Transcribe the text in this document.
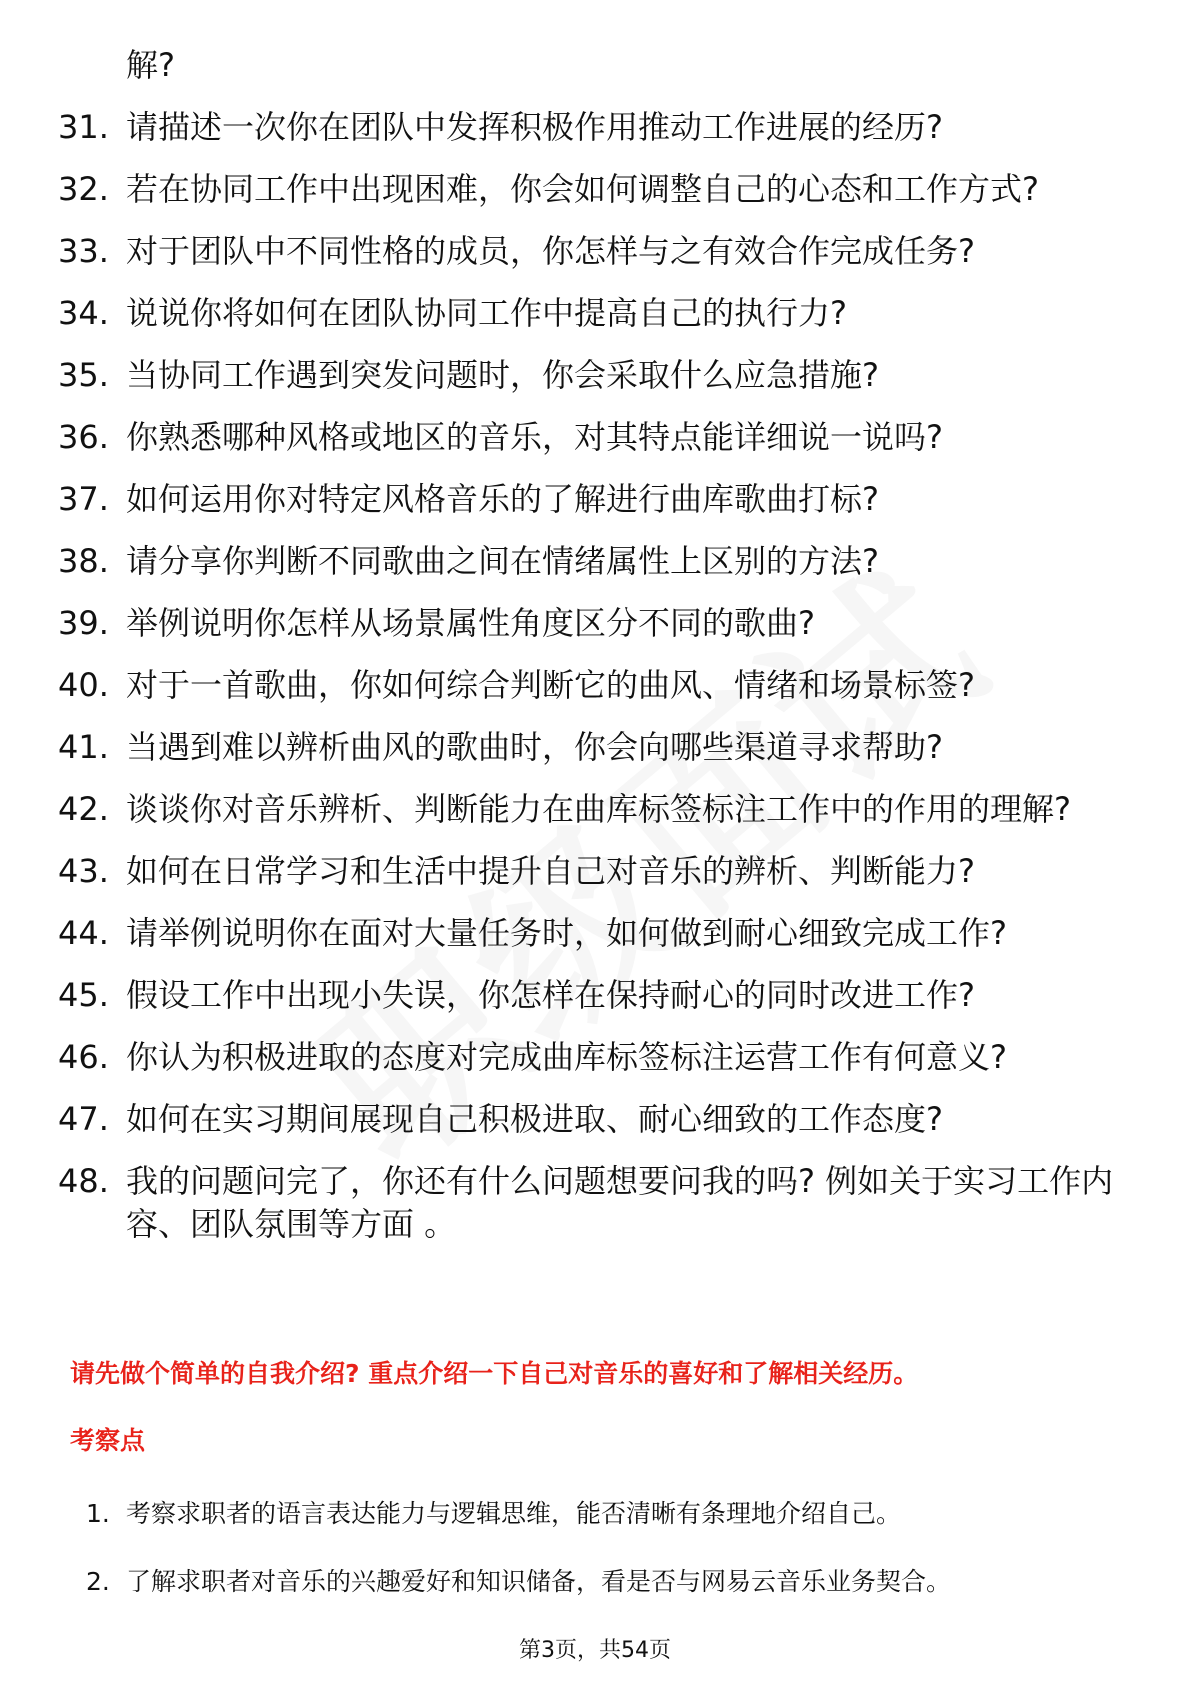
解?
31. 请描述一次你在团队中发挥积极作用推动工作进展的经历?
32. 若在协同工作中出现困难，你会如何调整自己的心态和工作方式?
33. 对于团队中不同性格的成员，你怎样与之有效合作完成任务?
34. 说说你将如何在团队协同工作中提高自己的执行力?
35. 当协同工作遇到突发问题时，你会采取什么应急措施?
36. 你熟悉哪种风格或地区的音乐，对其特点能详细说一说吗?
37. 如何运用你对特定风格音乐的了解进行曲库歌曲打标?
38. 请分享你判断不同歌曲之间在情绪属性上区别的方法?
39. 举例说明你怎样从场景属性角度区分不同的歌曲?
40. 对于一首歌曲，你如何综合判断它的曲风、情绪和场景标签?
41. 当遇到难以辨析曲风的歌曲时，你会向哪些渠道寻求帮助?
42. 谈谈你对音乐辨析、判断能力在曲库标签标注工作中的作用的理解?
43. 如何在日常学习和生活中提升自己对音乐的辨析、判断能力?
44. 请举例说明你在面对大量任务时，如何做到耐心细致完成工作?
45. 假设工作中出现小失误，你怎样在保持耐心的同时改进工作?
46. 你认为积极进取的态度对完成曲库标签标注运营工作有何意义?
47. 如何在实习期间展现自己积极进取、耐心细致的工作态度?
48. 我的问题问完了，你还有什么问题想要问我的吗? 例如关于实习工作内容、团队氛围等方面 。
请先做个简单的自我介绍? 重点介绍一下自己对音乐的喜好和了解相关经历。
考察点
1. 考察求职者的语言表达能力与逻辑思维，能否清晰有条理地介绍自己。
2. 了解求职者对音乐的兴趣爱好和知识储备，看是否与网易云音乐业务契合。
第3页，共54页
